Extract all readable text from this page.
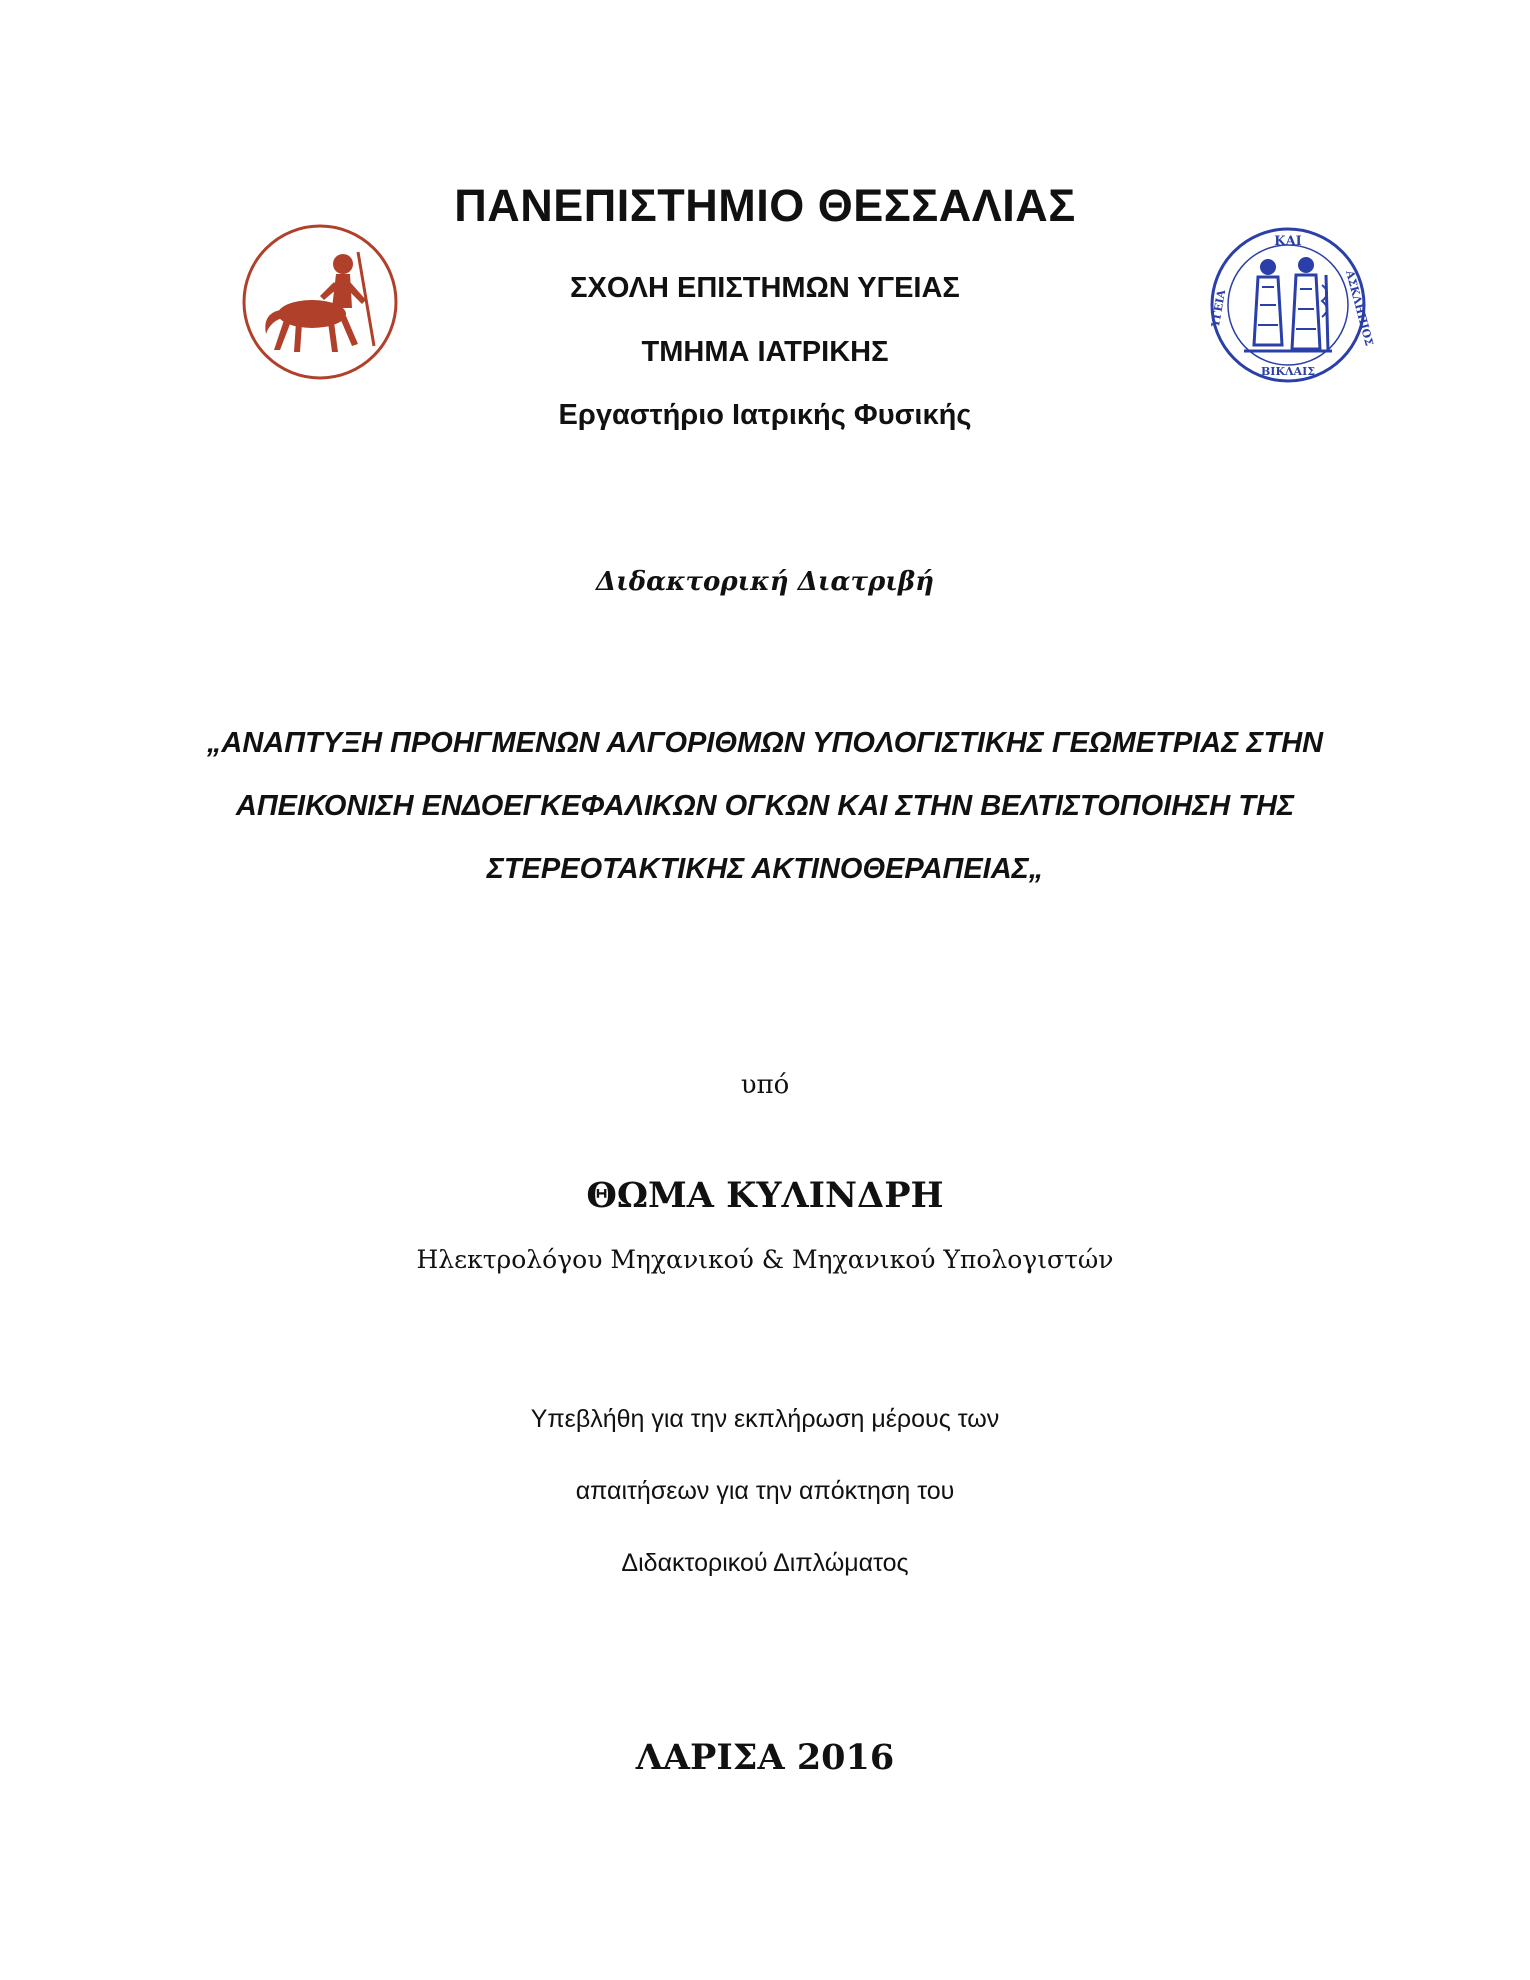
ΚΑΙ
ΥΓΕΙΑ	ΑΣΚΛΗΠΙΟΣ
ΒΙΚΛΑΙΣ
ΠΑΝΕΠΙΣΤΗΜΙΟ ΘΕΣΣΑΛΙΑΣ
ΣΧΟΛΗ ΕΠΙΣΤΗΜΩΝ ΥΓΕΙΑΣ
ΤΜΗΜΑ ΙΑΤΡΙΚΗΣ
Εργαστήριο Ιατρικής Φυσικής
Διδακτορική Διατριβή
„ΑΝΑΠΤΥΞΗ ΠΡΟΗΓΜΕΝΩΝ ΑΛΓΟΡΙΘΜΩΝ ΥΠΟΛΟΓΙΣΤΙΚΗΣ ΓΕΩΜΕΤΡΙΑΣ ΣΤΗΝ
ΑΠΕΙΚΟΝΙΣΗ ΕΝΔΟΕΓΚΕΦΑΛΙΚΩΝ ΟΓΚΩΝ ΚΑΙ ΣΤΗΝ ΒΕΛΤΙΣΤΟΠΟΙΗΣΗ ΤΗΣ
ΣΤΕΡΕΟΤΑΚΤΙΚΗΣ ΑΚΤΙΝΟΘΕΡΑΠΕΙΑΣ„
υπό
ΘΩΜΑ ΚΥΛΙΝΔΡΗ
Ηλεκτρολόγου Μηχανικού & Μηχανικού Υπολογιστών
Υπεβλήθη για την εκπλήρωση μέρους των
απαιτήσεων για την απόκτηση του
Διδακτορικού Διπλώματος
ΛΑΡΙΣΑ 2016
